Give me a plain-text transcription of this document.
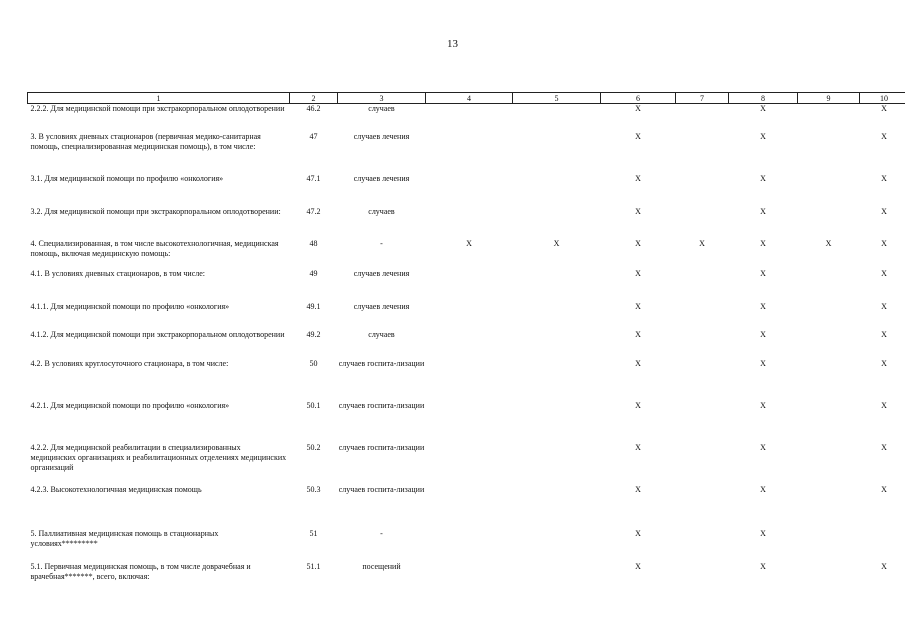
13
1	2	3	4	5	6	7	8	9	10
2.2.2. Для медицинской помощи при экстракорпоральном оплодотворении	46.2	случаев			Х		Х		Х
3. В условиях дневных стационаров (первичная медико-санитарная помощь, специализированная медицинская помощь), в том числе:	47	случаев лечения			Х		Х		Х
3.1. Для медицинской помощи по профилю «онкология»	47.1	случаев лечения			Х		Х		Х
3.2. Для медицинской помощи при экстракорпоральном оплодотворении:	47.2	случаев			Х		Х		Х
4. Специализированная, в том числе высокотехнологичная, медицинская помощь, включая медицинскую помощь:	48	-	Х	Х	Х	Х	Х	Х	Х
4.1. В условиях дневных стационаров, в том числе:	49	случаев лечения			Х		Х		Х
4.1.1. Для медицинской помощи по профилю «онкология»	49.1	случаев лечения			Х		Х		Х
4.1.2. Для медицинской помощи при экстракорпоральном оплодотворении	49.2	случаев			Х		Х		Х
4.2. В условиях круглосуточного стационара, в том числе:	50	случаев госпита-лизации			Х		Х		Х
4.2.1. Для медицинской помощи по профилю «онкология»	50.1	случаев госпита-лизации			Х		Х		Х
4.2.2. Для медицинской реабилитации в специализированных медицинских организациях и реабилитационных отделениях медицинских организаций	50.2	случаев госпита-лизации			Х		Х		Х
4.2.3. Высокотехнологичная медицинская помощь	50.3	случаев госпита-лизации			Х		Х		Х
5. Паллиативная медицинская помощь в стационарных условиях*********	51	-			Х		Х		
5.1. Первичная медицинская помощь, в том числе доврачебная и врачебная*******, всего, включая:	51.1	посещений			Х		Х		Х
